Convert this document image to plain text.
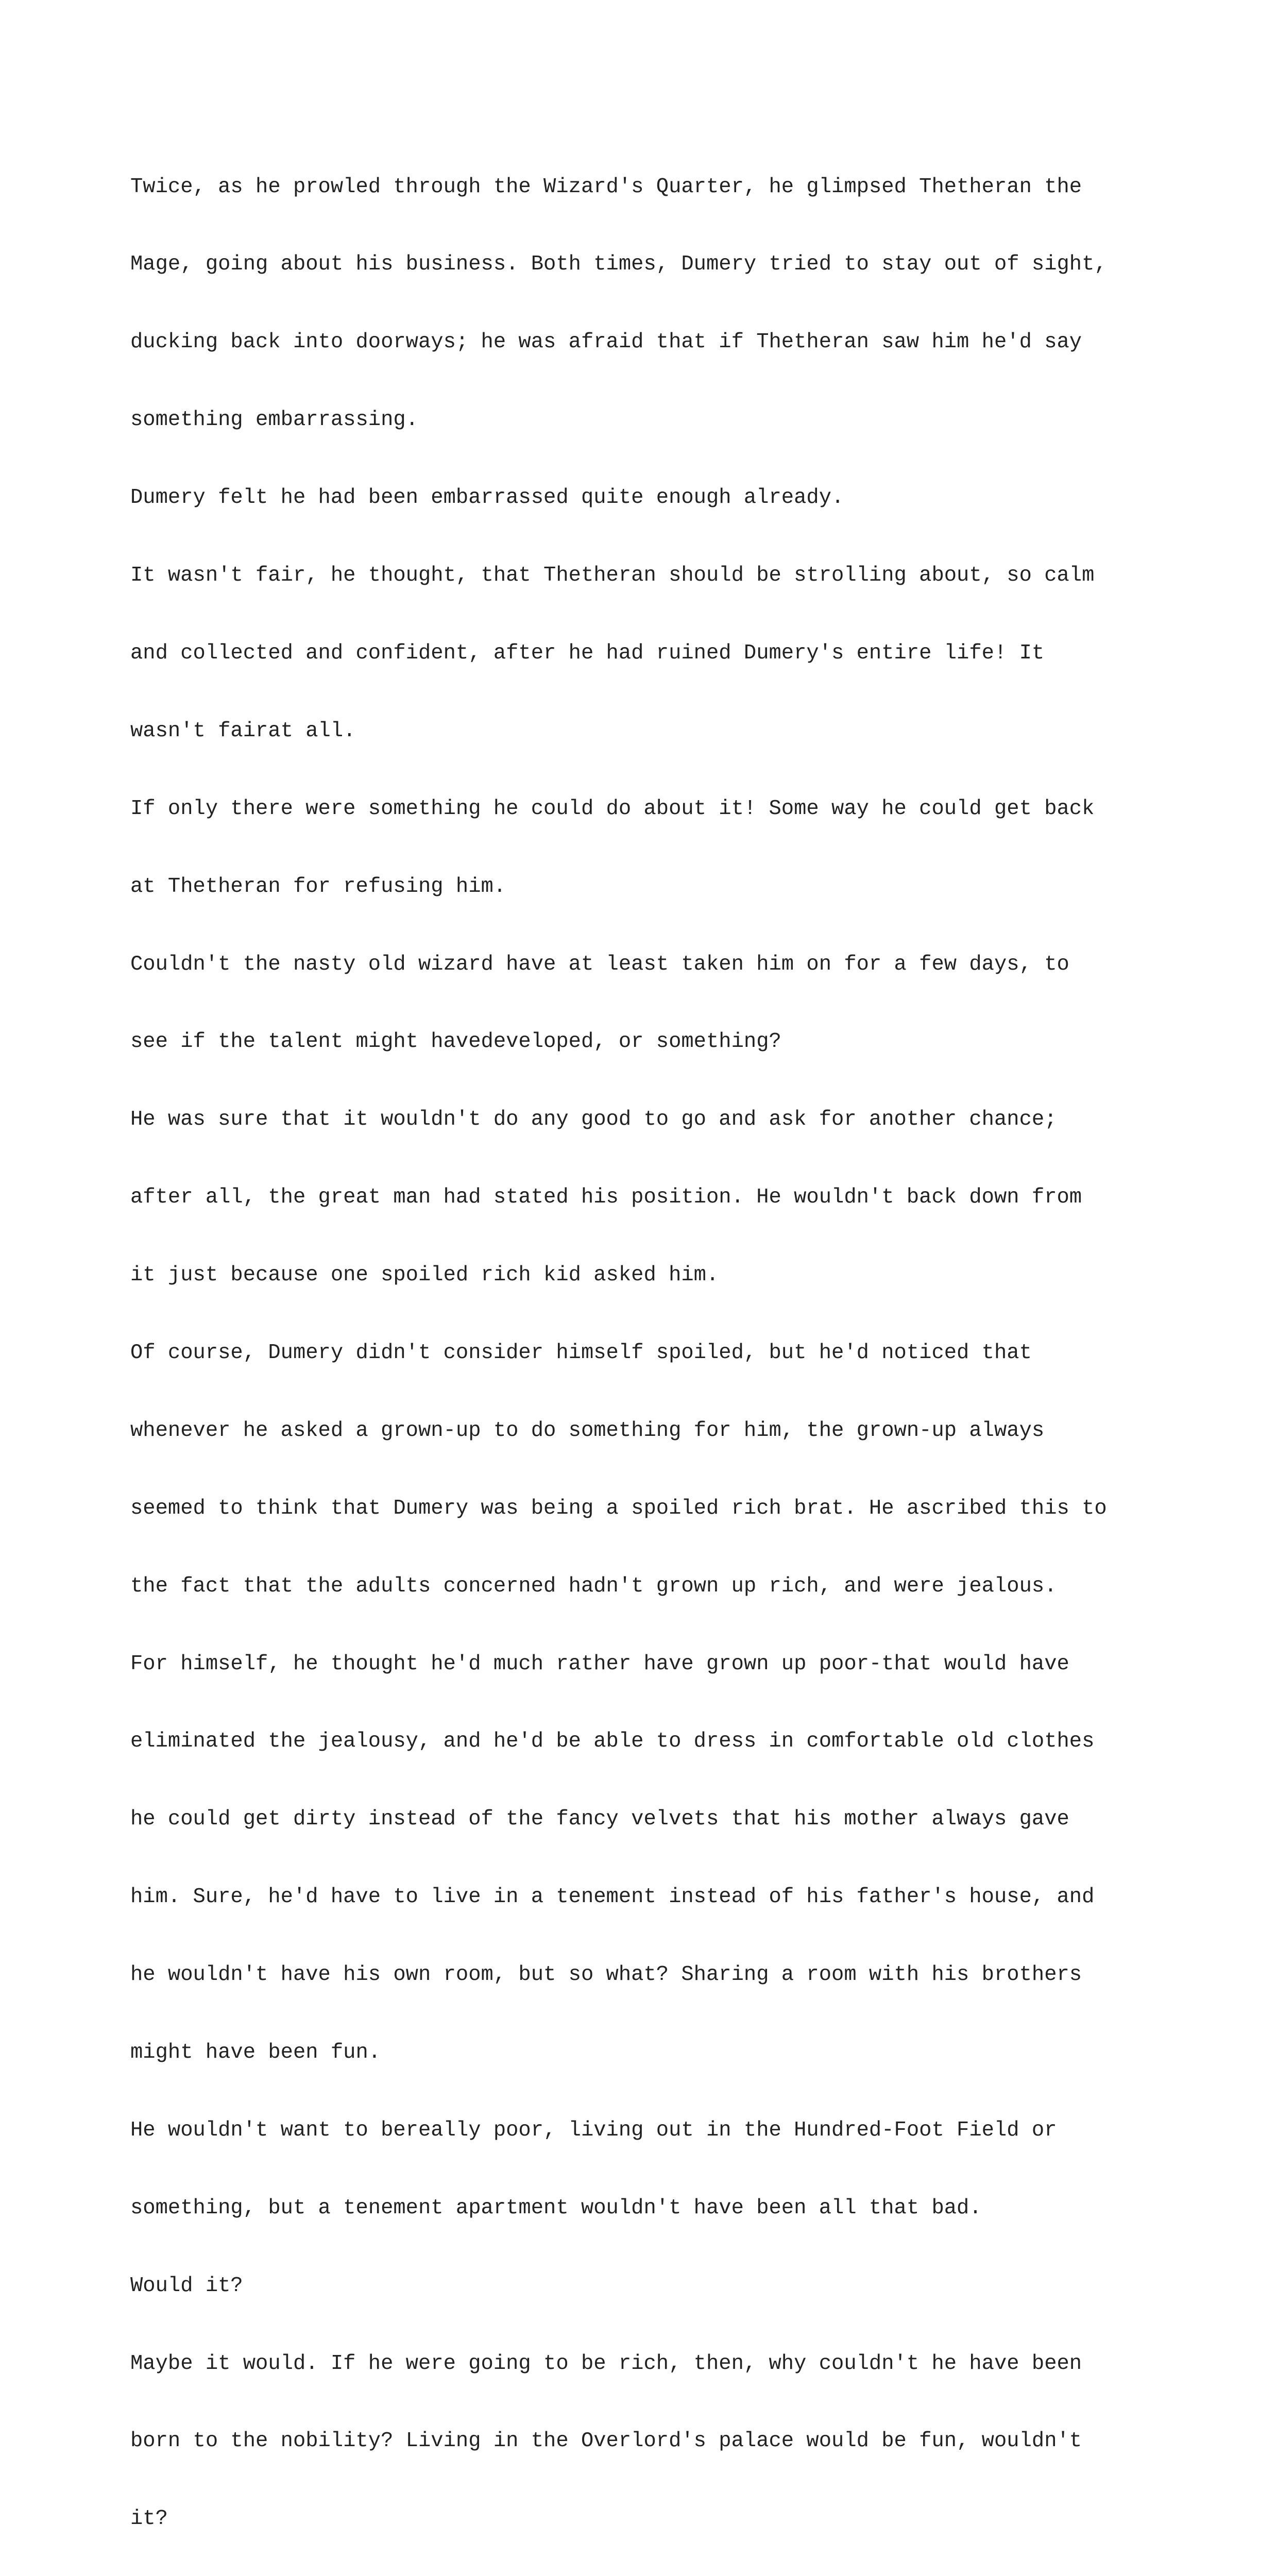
Twice, as he prowled through the Wizard's Quarter, he glimpsed Thetheran the

Mage, going about his business. Both times, Dumery tried to stay out of sight,

ducking back into doorways; he was afraid that if Thetheran saw him he'd say

something embarrassing.

Dumery felt he had been embarrassed quite enough already.

It wasn't fair, he thought, that Thetheran should be strolling about, so calm

and collected and confident, after he had ruined Dumery's entire life! It

wasn't fairat all.

If only there were something he could do about it! Some way he could get back

at Thetheran for refusing him.

Couldn't the nasty old wizard have at least taken him on for a few days, to

see if the talent might havedeveloped, or something?

He was sure that it wouldn't do any good to go and ask for another chance;

after all, the great man had stated his position. He wouldn't back down from

it just because one spoiled rich kid asked him.

Of course, Dumery didn't consider himself spoiled, but he'd noticed that

whenever he asked a grown-up to do something for him, the grown-up always

seemed to think that Dumery was being a spoiled rich brat. He ascribed this to

the fact that the adults concerned hadn't grown up rich, and were jealous.

For himself, he thought he'd much rather have grown up poor-that would have

eliminated the jealousy, and he'd be able to dress in comfortable old clothes

he could get dirty instead of the fancy velvets that his mother always gave

him. Sure, he'd have to live in a tenement instead of his father's house, and

he wouldn't have his own room, but so what? Sharing a room with his brothers

might have been fun.

He wouldn't want to bereally poor, living out in the Hundred-Foot Field or

something, but a tenement apartment wouldn't have been all that bad.

Would it?

Maybe it would. If he were going to be rich, then, why couldn't he have been

born to the nobility? Living in the Overlord's palace would be fun, wouldn't

it?
